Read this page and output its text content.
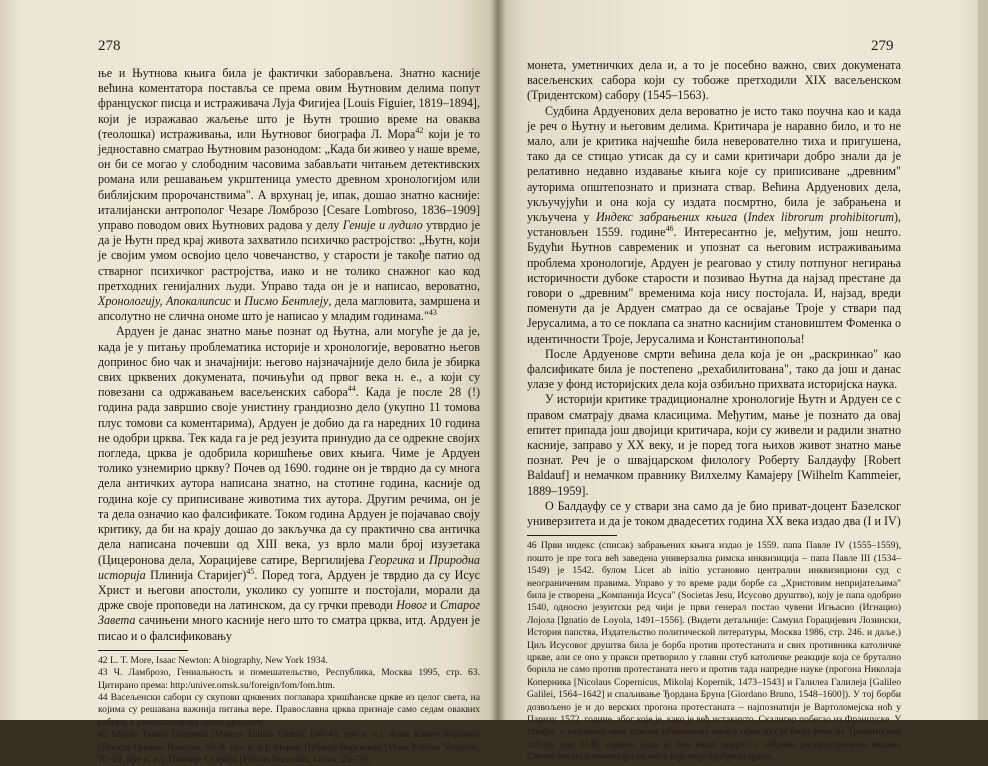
278

ње и Њутнова књига била је фактички заборављена. Знатно касније већина коментатора поставља се према овим Њутновим делима попут француског писца и истраживача Луја Фигијеа [Louis Figuier, 1819–1894], који је изражавао жаљење што је Њутн трошио време на оваква (теолошка) истраживања, или Њутновог биографа Л. Мора$^{42}$ који је то једноставно сматрао Њутновим разонодом: „Када би живео у наше време, он би се могао у слободним часовима забављати читањем детективских романа или решавањем укрштеница уместо древном хронологијом или библијским пророчанствима". А врхунац је, ипак, дошао знатно касније: италијански антрополог Чезаре Ломброзо [Cesare Lombroso, 1836–1909] управо поводом ових Њутнових радова у делу Геније и лудило утврдио је да је Њутн пред крај живота захватило психичко растројство: „Њутн, који је својим умом освојио цело човечанство, у старости је такође патио од стварног психичког растројства, иако и не толико снажног као код претходних генијалних људи. Управо тада он је и написао, вероватно, Хронологију, Апокалипсис и Писмо Бентлеју, дела магловита, замршена и апсолутно не слична ономе што је написао у младим годинама."$^{43}$

Ардуен је данас знатно мање познат од Њутна, али могуће је да је, када је у питању проблематика историје и хронологије, вероватно његов допринос био чак и значајнији: његово најзначајније дело била је збирка свих црквених докумената, почињући од првог века н. е., а који су повезани са одржавањем васељенских сабора$^{44}$. Када је после 28 (!) година рада завршио своје унистину грандиозно дело (укупно 11 томова плус томови са коментарима), Ардуен је добио да га наредних 10 година не одобри црква. Тек када га је ред језуита принудио да се одрекне својих погледа, црква је одобрила коришћење ових књига. Чиме је Ардуен толико узнемирио цркву? Почев од 1690. године он је тврдио да су многа дела античких аутора написана знатно, на стотине година, касније од година које су приписиване животима тих аутора. Другим речима, он је та дела означио као фалсификате. Током година Ардуен је појачавао своју критику, да би на крају дошао до закључка да су практично сва античка дела написана почевши од XIII века, уз врло мали број изузетака (Цицеронова дела, Хорацијеве сатире, Вергилијева Георгика и Природна историја Плинија Старијег)$^{45}$. Поред тога, Ардуен је тврдио да су Исус Христ и његови апостоли, уколико су уопште и постојали, морали да држе своје проповеди на латинском, да су грчки преводи Новог и Старог Завета сачињени много касније него што то сматра црква, итд. Ардуен је писао и о фалсификовању

42 L. T. More, Isaac Newton: A biography, New York 1934.

43 Ч. Ламброзо, Гениальность и помешательство, Республика, Москва 1995, стр. 63. Цитирано према: http:/univer.omsk.su/foreign/fom/fom.htm.

44 Васељенски сабори су скупови црквених поглавара хришћанске цркве из целог света, на којима су решавана важнија питања вере. Православна црква признаје само седам оваквих сабора, а римокатоличка преко двадесет.

45 Марко Тулије Цицерон [Marcus Tullius Cicero, 106–43. пре н. е.]; Флак Квинт Хорације [Flaccus Quintus Horatius, 65–8. пре н. е.]; Марон Публије Вергилије [Maro Publius Vergilius, 70–19. пре н. е.]; Плиније Старији [Plinius Secundus, Gaius, 23–79].

279

монета, уметничких дела и, а то је посебно важно, свих докумената васељенских сабора који су тобоже претходили XIX васељенском (Тридентском) сабору (1545–1563).

Судбина Ардуенових дела вероватно је исто тако поучна као и када је реч о Њутну и његовим делима. Критичара је наравно било, и то не мало, али је критика најчешће била неверователно тиха и пригушена, тако да се стицао утисак да су и сами критичари добро знали да је релативно недавно издавање књига које су приписиване „древним" ауторима општепознато и призната ствар. Већина Ардуенових дела, укључујући и она која су издата посмртно, била је забрањена и укључена у Индекс забрањених књига (Index librorum prohibitorum), установљен 1559. године$^{46}$. Интересантно је, међутим, још нешто. Будући Њутнов савременик и упознат са његовим истраживањима проблема хронологије, Ардуен је реаговао у стилу потпуног негирања историчности дубоке старости и позивао Њутна да најзад престане да говори о „древним" временима која нису постојала. И, најзад, вреди поменути да је Ардуен сматрао да се освајање Троје у ствари пад Јерусалима, а то се поклапа са знатно каснијим становиштем Фоменка о идентичности Троје, Јерусалима и Константинопоља!

После Ардуенове смрти већина дела која је он „раскринкао" као фалсификате била је постепено „рехабилитована", тако да још и данас улазе у фонд историјских дела која озбиљно прихвата историјска наука.

У историји критике традиционалне хронологије Њутн и Ардуен се с правом сматрају двама класицима. Међутим, мање је познато да овај епитет припада још двојици критичара, који су живели и радили знатно касније, заправо у XX веку, и је поред тога њихов живот знатно мање познат. Реч је о швајцарском филологу Роберту Балдауфу [Robert Baldauf] и немачком правнику Вилхелму Камајеру [Wilhelm Kammeier, 1889–1959].

О Балдауфу се у ствари зна само да је био приват-доцент Базелског универзитета и да је током двадесетих година XX века издао два (I и IV)

46 Први индекс (списак) забрањених књига издао је 1559. папа Павле IV (1555–1559), пошто је пре тога већ заведена универзална римска инквизиција – папа Павле III (1534–1549) је 1542. булом Licet ab initio установио централни инквизициони суд с неограниченим правима. Управо у то време ради борбе са „Христовим непријатељима" била је створена „Компанија Исуса" (Societas Jesu, Исусово друштво), коју је папа одобрио 1540, односно језуитски ред чији је први генерал постао чувени Игњасио (Игнацио) Лојола [Ignatio de Loyola, 1491–1556]. (Видети детаљније: Самуил Горацијевич Лозински, История папства, Издательство политической литературы, Москва 1986, стр. 246. и даље.) Циљ Исусовог друштва била је борба против протестаната и свих противника католичке цркве, али се оно у пракси претворило у главни стуб католичке реакције која се брутално борила не само против протестаната него и против тада напредне науке (прогона Николаја Коперника [Nicolaus Copernicus, Mikolaj Kopernik, 1473–1543] и Галилеа Галилеја [Galileo Galilei, 1564–1642] и спаљивање Ђордана Бруна [Giordano Bruno, 1548–1600]). У тој борби дозвољено је и до верских прогона протестаната – најпознатији је Вартоломејска ноћ у Паризу, 1572. године, због које је, како је већ истакнуто, Скалигер побегао из Француске. У ствари, о издавању овог списка забрањених књига први пут је било речи на Тридентском сабору још 1546. године, када је био издат декрет о забрани распространења издања Светог писма и коментара на њега које није одобрила црква.
